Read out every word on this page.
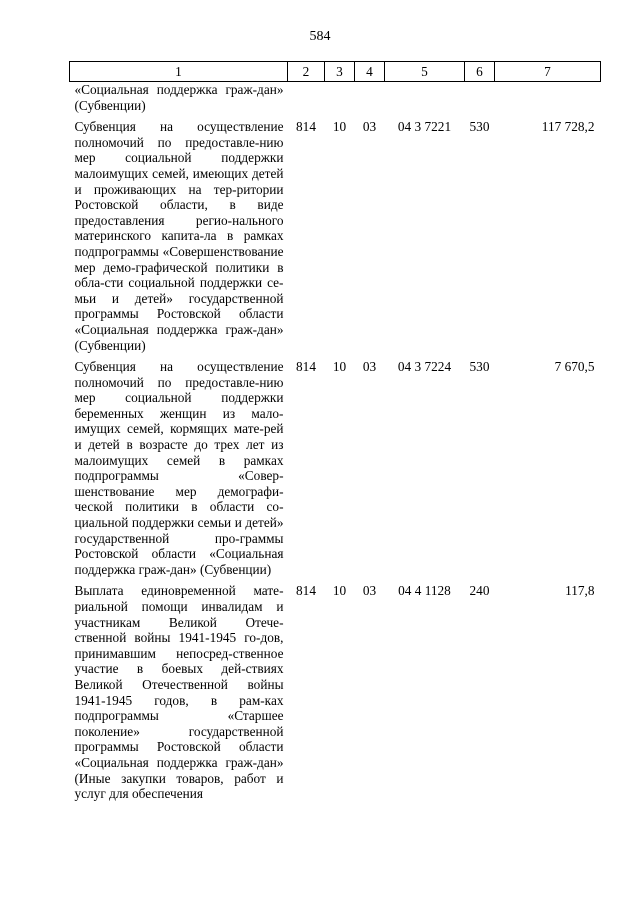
584
1	2	3	4	5	6	7
«Социальная поддержка граж-дан» (Субвенции)						

Субвенция на осуществление полномочий по предоставле-нию мер социальной поддержки малоимущих семей, имеющих детей и проживающих на тер-ритории Ростовской области, в виде предоставления регио-нального материнского капита-ла в рамках подпрограммы «Совершенствование мер демо-графической политики в обла-сти социальной поддержки се-мьи и детей» государственной программы Ростовской области «Социальная поддержка граж-дан» (Субвенции)	814	10	03	04 3 7221	530	117 728,2

Субвенция на осуществление полномочий по предоставле-нию мер социальной поддержки беременных женщин из мало-имущих семей, кормящих мате-рей и детей в возрасте до трех лет из малоимущих семей в рамках подпрограммы «Совер-шенствование мер демографи-ческой политики в области со-циальной поддержки семьи и детей» государственной про-граммы Ростовской области «Социальная поддержка граж-дан» (Субвенции)	814	10	03	04 3 7224	530	7 670,5

Выплата единовременной мате-риальной помощи инвалидам и участникам Великой Отече-ственной войны 1941-1945 го-дов, принимавшим непосред-ственное участие в боевых дей-ствиях Великой Отечественной войны 1941-1945 годов, в рам-ках подпрограммы «Старшее поколение» государственной программы Ростовской области «Социальная поддержка граж-дан» (Иные закупки товаров, работ и услуг для обеспечения	814	10	03	04 4 1128	240	117,8
